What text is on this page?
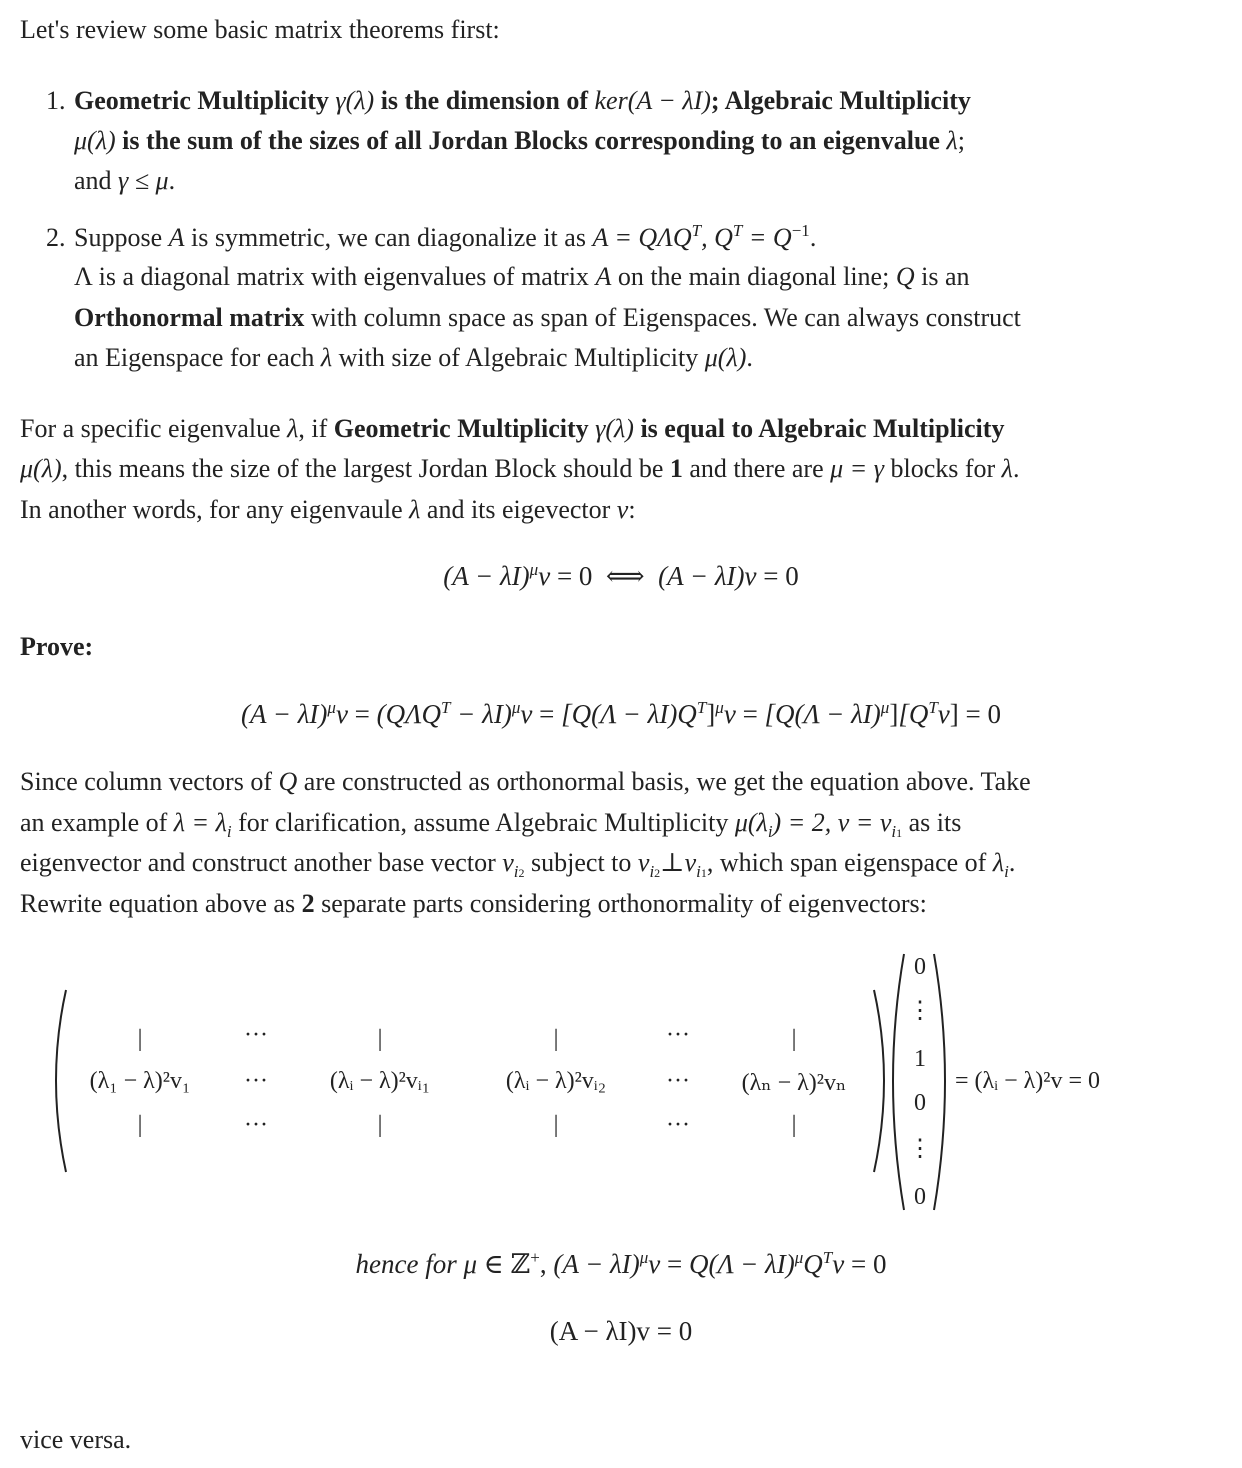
Let's review some basic matrix theorems first:
1. Geometric Multiplicity γ(λ) is the dimension of ker(A − λI); Algebraic Multiplicity
μ(λ) is the sum of the sizes of all Jordan Blocks corresponding to an eigenvalue λ;
and γ ≤ μ.
2. Suppose A is symmetric, we can diagonalize it as $A = Q\Lambda Q^T$, $Q^T = Q^{-1}$.
Λ is a diagonal matrix with eigenvalues of matrix A on the main diagonal line; Q is an
Orthonormal matrix with column space as span of Eigenspaces. We can always construct
an Eigenspace for each λ with size of Algebraic Multiplicity μ(λ).
For a specific eigenvalue λ, if Geometric Multiplicity γ(λ) is equal to Algebraic Multiplicity
μ(λ), this means the size of the largest Jordan Block should be 1 and there are μ = γ blocks for λ.
In another words, for any eigenvaule λ and its eigevector v:
$(A - \lambda I)^\mu v = 0$  ⟺  (A − λI)v = 0
Prove:
$(A - \lambda I)^\mu v = (Q\Lambda Q^T - \lambda I)^\mu v = [Q(\Lambda - \lambda I)Q^T]^\mu v = [Q(\Lambda - \lambda I)^\mu][Q^Tv] = 0$
Since column vectors of Q are constructed as orthonormal basis, we get the equation above. Take
an example of $\lambda = \lambda_i$ for clarification, assume Algebraic Multiplicity $\mu(\lambda_i) = 2$, $v = v_{i1}$ as its
eigenvector and construct another base vector $v_{i2}$ subject to $v_{i2}\perp v_{i1}$, which span eigenspace of $\lambda_i$.
Rewrite equation above as 2 separate parts considering orthonormality of eigenvectors:
|
(λ₁ − λ)²v₁
|
···
···
···
|
(λᵢ − λ)²vᵢ₁
|
|
(λᵢ − λ)²vᵢ₂
|
···
···
···
|
(λₙ − λ)²vₙ
|
0
⋮
1
0
⋮
0
= (λᵢ − λ)²v = 0
hence for μ ∈ ℤ+, $(A - \lambda I)^\mu v = Q(\Lambda - \lambda I)^\mu Q^Tv = 0$
(A − λI)v = 0
vice versa.
